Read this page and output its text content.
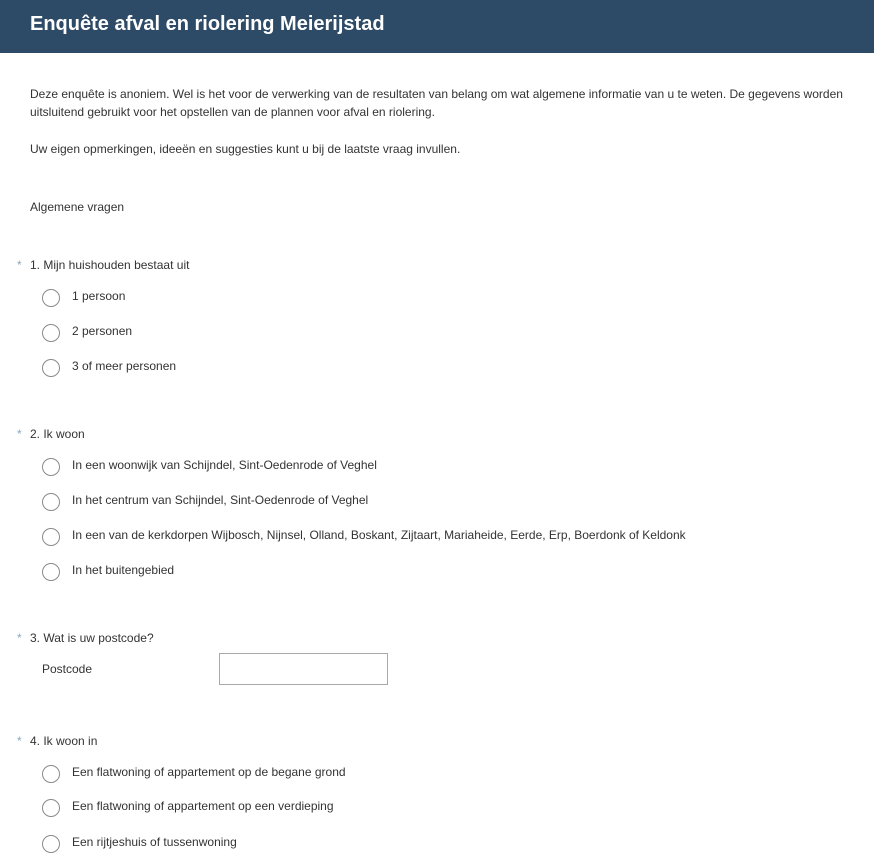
Enquête afval en riolering Meierijstad

Deze enquête is anoniem. Wel is het voor de verwerking van de resultaten van belang om wat algemene informatie van u te weten. De gegevens worden uitsluitend gebruikt voor het opstellen van de plannen voor afval en riolering.

Uw eigen opmerkingen, ideeën en suggesties kunt u bij de laatste vraag invullen.

Algemene vragen
* 1. Mijn huishouden bestaat uit
1 persoon
2 personen
3 of meer personen
* 2. Ik woon
In een woonwijk van Schijndel, Sint-Oedenrode of Veghel
In het centrum van Schijndel, Sint-Oedenrode of Veghel
In een van de kerkdorpen Wijbosch, Nijnsel, Olland, Boskant, Zijtaart, Mariaheide, Eerde, Erp, Boerdonk of Keldonk
In het buitengebied
* 3. Wat is uw postcode?
Postcode
* 4. Ik woon in
Een flatwoning of appartement op de begane grond
Een flatwoning of appartement op een verdieping
Een rijtjeshuis of tussenwoning
